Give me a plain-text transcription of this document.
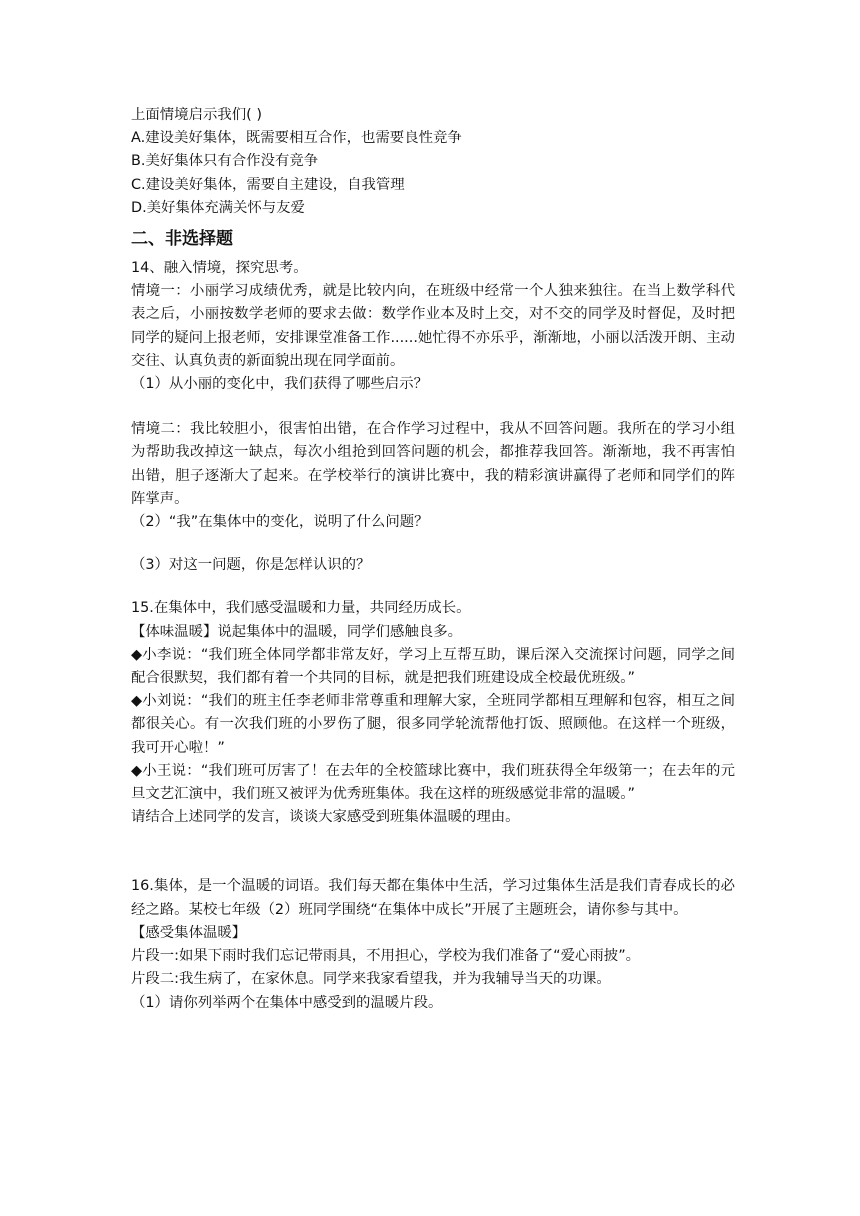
上面情境启示我们( )
A.建设美好集体，既需要相互合作，也需要良性竞争
B.美好集体只有合作没有竞争
C.建设美好集体，需要自主建设，自我管理
D.美好集体充满关怀与友爱
二、非选择题
14、融入情境，探究思考。
情境一：小丽学习成绩优秀，就是比较内向，在班级中经常一个人独来独往。在当上数学科代表之后，小丽按数学老师的要求去做：数学作业本及时上交，对不交的同学及时督促，及时把同学的疑问上报老师，安排课堂准备工作......她忙得不亦乐乎，渐渐地，小丽以活泼开朗、主动交往、认真负责的新面貌出现在同学面前。
（1）从小丽的变化中，我们获得了哪些启示？
情境二：我比较胆小，很害怕出错，在合作学习过程中，我从不回答问题。我所在的学习小组为帮助我改掉这一缺点，每次小组抢到回答问题的机会，都推荐我回答。渐渐地，我不再害怕出错，胆子逐渐大了起来。在学校举行的演讲比赛中，我的精彩演讲赢得了老师和同学们的阵阵掌声。
（2）“我”在集体中的变化，说明了什么问题？
（3）对这一问题，你是怎样认识的？
15.在集体中，我们感受温暖和力量，共同经历成长。
【体味温暖】说起集体中的温暖，同学们感触良多。
◆小李说：“我们班全体同学都非常友好，学习上互帮互助，课后深入交流探讨问题，同学之间配合很默契，我们都有着一个共同的目标，就是把我们班建设成全校最优班级。”
◆小刘说：“我们的班主任李老师非常尊重和理解大家，全班同学都相互理解和包容，相互之间都很关心。有一次我们班的小罗伤了腿，很多同学轮流帮他打饭、照顾他。在这样一个班级，我可开心啦！”
◆小王说：“我们班可厉害了！在去年的全校篮球比赛中，我们班获得全年级第一；在去年的元旦文艺汇演中，我们班又被评为优秀班集体。我在这样的班级感觉非常的温暖。”
请结合上述同学的发言，谈谈大家感受到班集体温暖的理由。
16.集体，是一个温暖的词语。我们每天都在集体中生活，学习过集体生活是我们青春成长的必经之路。某校七年级（2）班同学围绕“在集体中成长”开展了主题班会，请你参与其中。
【感受集体温暖】
片段一:如果下雨时我们忘记带雨具，不用担心，学校为我们准备了“爱心雨披”。
片段二:我生病了，在家休息。同学来我家看望我，并为我辅导当天的功课。
（1）请你列举两个在集体中感受到的温暖片段。
